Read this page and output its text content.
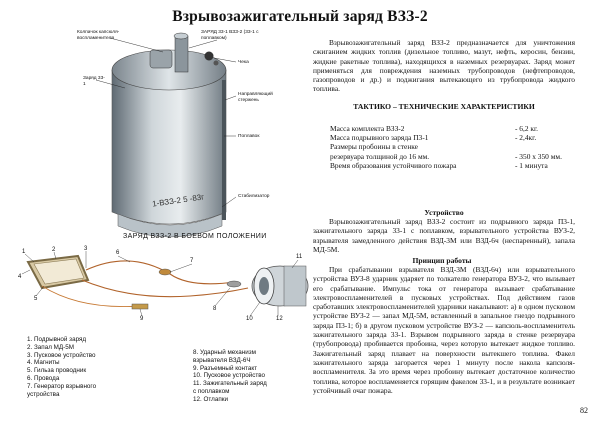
Взрывозажигательный заряд ВЗЗ-2
Колпачок капсюля-воспламенителя
ЗАРЯД 33-1 ВЗЗ-2 (33-1 с поплавком)
Чека
Заряд 33-1
Направляющий стержень
Поплавок
Стабилизатор
1-ВЗЗ-2 5 -83г
ЗАРЯД ВЗЗ-2 В БОЕВОМ ПОЛОЖЕНИИ
1	2	3
4
5
6
7
8
9	10
11
12
1. Подрывной заряд
2. Запал МД-5М
3. Пусковое устройство
4. Магниты
5. Гильза проводник
6. Провода
7. Генератор взрывного
устройства
8. Ударный механизм
взрывателя ВЗД-6Ч
9. Разъемный контакт
10. Пусковое устройство
11. Зажигательный заряд
с поплавком
12. Отлапки
Взрывозажигательный заряд ВЗЗ-2 предназначается для уничтожения сжиганием жидких топлив (дизельное топливо, мазут, нефть, керосин, бензин, жидкие ракетные топлива), находящихся в наземных резервуарах. Заряд может применяться для повреждения наземных трубопроводов (нефтепроводов, газопроводов и др.) и поджигания вытекающего из трубопровода жидкого топлива.
ТАКТИКО – ТЕХНИЧЕСКИЕ ХАРАКТЕРИСТИКИ
Масса комплекта ВЗЗ-2	- 6,2 кг.
Масса подрывного заряда П3-1	- 2,4кг.
Размеры пробоины в стенке
резервуара толщиной до 16 мм.	- 350 х 350 мм.
Время образования устойчивого пожара	- 1 минута
Устройство
Взрывозажигательный заряд ВЗЗ-2 состоит из подрывного заряда П3-1, зажигательного заряда 33-1 с поплавком, взрывательного устройства ВУЗ-2, взрывателя замедленного действия ВЗД-3М или ВЗД-6ч (неспаренный), запала МД-5М.
Принцип работы
При срабатывании взрывателя ВЗД-3М (ВЗД-6ч) или взрывательного устройства ВУЗ-8 ударник ударяет по толкателю генератора ВУЗ-2, что вызывает его срабатывание. Импульс тока от генератора вызывает срабатывание электровоспламенителей в пусковых устройствах. Под действием газов сработавших электровоспламенителей ударники накалывают: а) в одном пусковом устройстве ВУЗ-2 — запал МД-5М, вставленный в запальное гнездо подрывного заряда П3-1; б) в другом пусковом устройстве ВУЗ-2 — капсюль-воспламенитель зажигательного заряда 33-1. Взрывом подрывного заряда в стенке резервуара (трубопровода) пробивается пробоина, через которую вытекает жидкое топливо. Зажигательный заряд плавает на поверхности вытекшего топлива. Факел зажигательного заряда загорается через 1 минуту после накола капсюля-воспламенителя. За это время через пробоину вытекает достаточное количество топлива, которое воспламеняется горящим факелом 33-1, и в результате возникает устойчивый очаг пожара.
82
